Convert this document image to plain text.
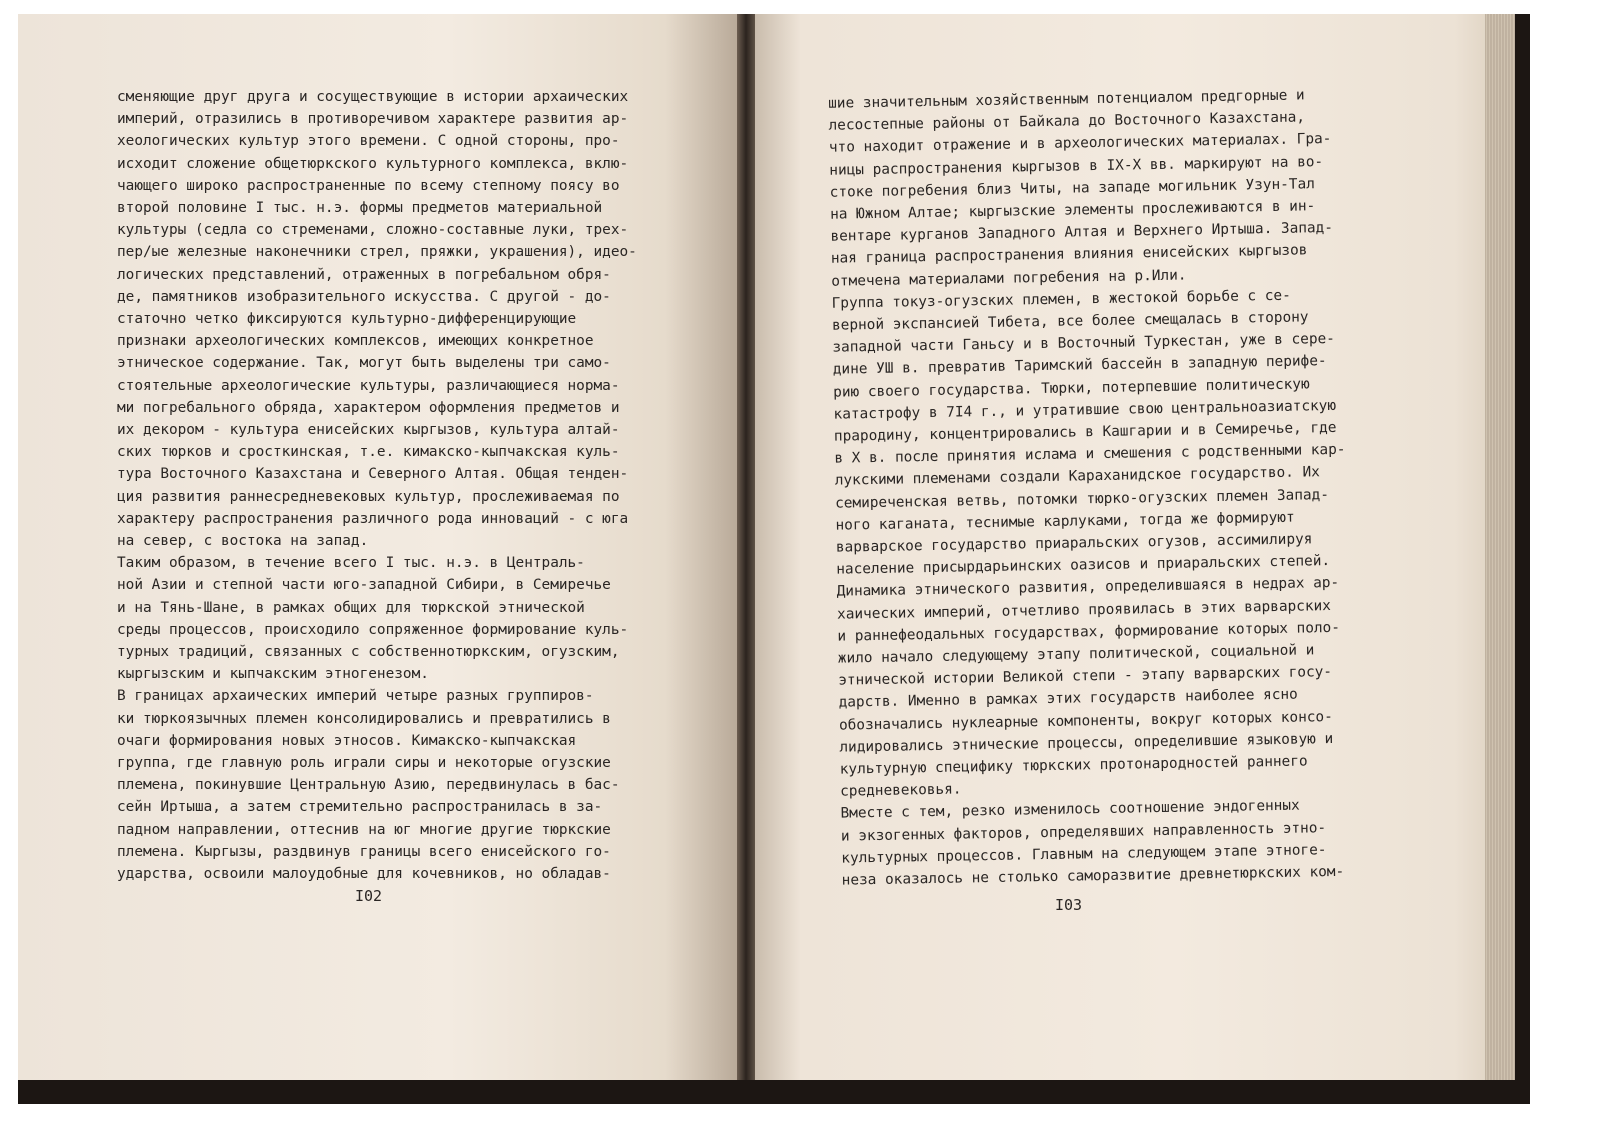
сменяющие друг друга и сосуществующие в истории архаических
империй, отразились в противоречивом характере развития ар-
хеологических культур этого времени. С одной стороны, про-
исходит сложение общетюркского культурного комплекса, вклю-
чающего широко распространенные по всему степному поясу во
второй половине I тыс. н.э. формы предметов материальной
культуры (седла со стременами, сложно-составные луки, трех-
пер/ые железные наконечники стрел, пряжки, украшения), идео-
логических представлений, отраженных в погребальном обря-
де, памятников изобразительного искусства. С другой - до-
статочно четко фиксируются культурно-дифференцирующие
признаки археологических комплексов, имеющих конкретное
этническое содержание. Так, могут быть выделены три само-
стоятельные археологические культуры, различающиеся норма-
ми погребального обряда, характером оформления предметов и
их декором - культура енисейских кыргызов, культура алтай-
ских тюрков и сросткинская, т.е. кимакско-кыпчакская куль-
тура Восточного Казахстана и Северного Алтая. Общая тенден-
ция развития раннесредневековых культур, прослеживаемая по
характеру распространения различного рода инноваций - с юга
на север, с востока на запад.
Таким образом, в течение всего I тыс. н.э. в Централь-
ной Азии и степной части юго-западной Сибири, в Семиречье
и на Тянь-Шане, в рамках общих для тюркской этнической
среды процессов, происходило сопряженное формирование куль-
турных традиций, связанных с собственнотюркским, огузским,
кыргызским и кыпчакским этногенезом.
В границах архаических империй четыре разных группиров-
ки тюркоязычных племен консолидировались и превратились в
очаги формирования новых этносов. Кимакско-кыпчакская
группа, где главную роль играли сиры и некоторые огузские
племена, покинувшие Центральную Азию, передвинулась в бас-
сейн Иртыша, а затем стремительно распространилась в за-
падном направлении, оттеснив на юг многие другие тюркские
племена. Кыргызы, раздвинув границы всего енисейского го-
ударства, освоили малоудобные для кочевников, но обладав-
I02
шие значительным хозяйственным потенциалом предгорные и
лесостепные районы от Байкала до Восточного Казахстана,
что находит отражение и в археологических материалах. Гра-
ницы распространения кыргызов в IX-X вв. маркируют на во-
стоке погребения близ Читы, на западе могильник Узун-Тал
на Южном Алтае; кыргызские элементы прослеживаются в ин-
вентаре курганов Западного Алтая и Верхнего Иртыша. Запад-
ная граница распространения влияния енисейских кыргызов
отмечена материалами погребения на р.Или.
Группа токуз-огузских племен, в жестокой борьбе с се-
верной экспансией Тибета, все более смещалась в сторону
западной части Ганьсу и в Восточный Туркестан, уже в сере-
дине УШ в. превратив Таримский бассейн в западную перифе-
рию своего государства. Тюрки, потерпевшие политическую
катастрофу в 7I4 г., и утратившие свою центральноазиатскую
прародину, концентрировались в Кашгарии и в Семиречье, где
в X в. после принятия ислама и смешения с родственными кар-
лукскими племенами создали Караханидское государство. Их
семиреченская ветвь, потомки тюрко-огузских племен Запад-
ного каганата, теснимые карлуками, тогда же формируют
варварское государство приаральских огузов, ассимилируя
население присырдарьинских оазисов и приаральских степей.
Динамика этнического развития, определившаяся в недрах ар-
хаических империй, отчетливо проявилась в этих варварских
и раннефеодальных государствах, формирование которых поло-
жило начало следующему этапу политической, социальной и
этнической истории Великой степи - этапу варварских госу-
дарств. Именно в рамках этих государств наиболее ясно
обозначались нуклеарные компоненты, вокруг которых консо-
лидировались этнические процессы, определившие языковую и
культурную специфику тюркских протонародностей раннего
средневековья.
Вместе с тем, резко изменилось соотношение эндогенных
и экзогенных факторов, определявших направленность этно-
культурных процессов. Главным на следующем этапе этноге-
неза оказалось не столько саморазвитие древнетюркских ком-
I03
